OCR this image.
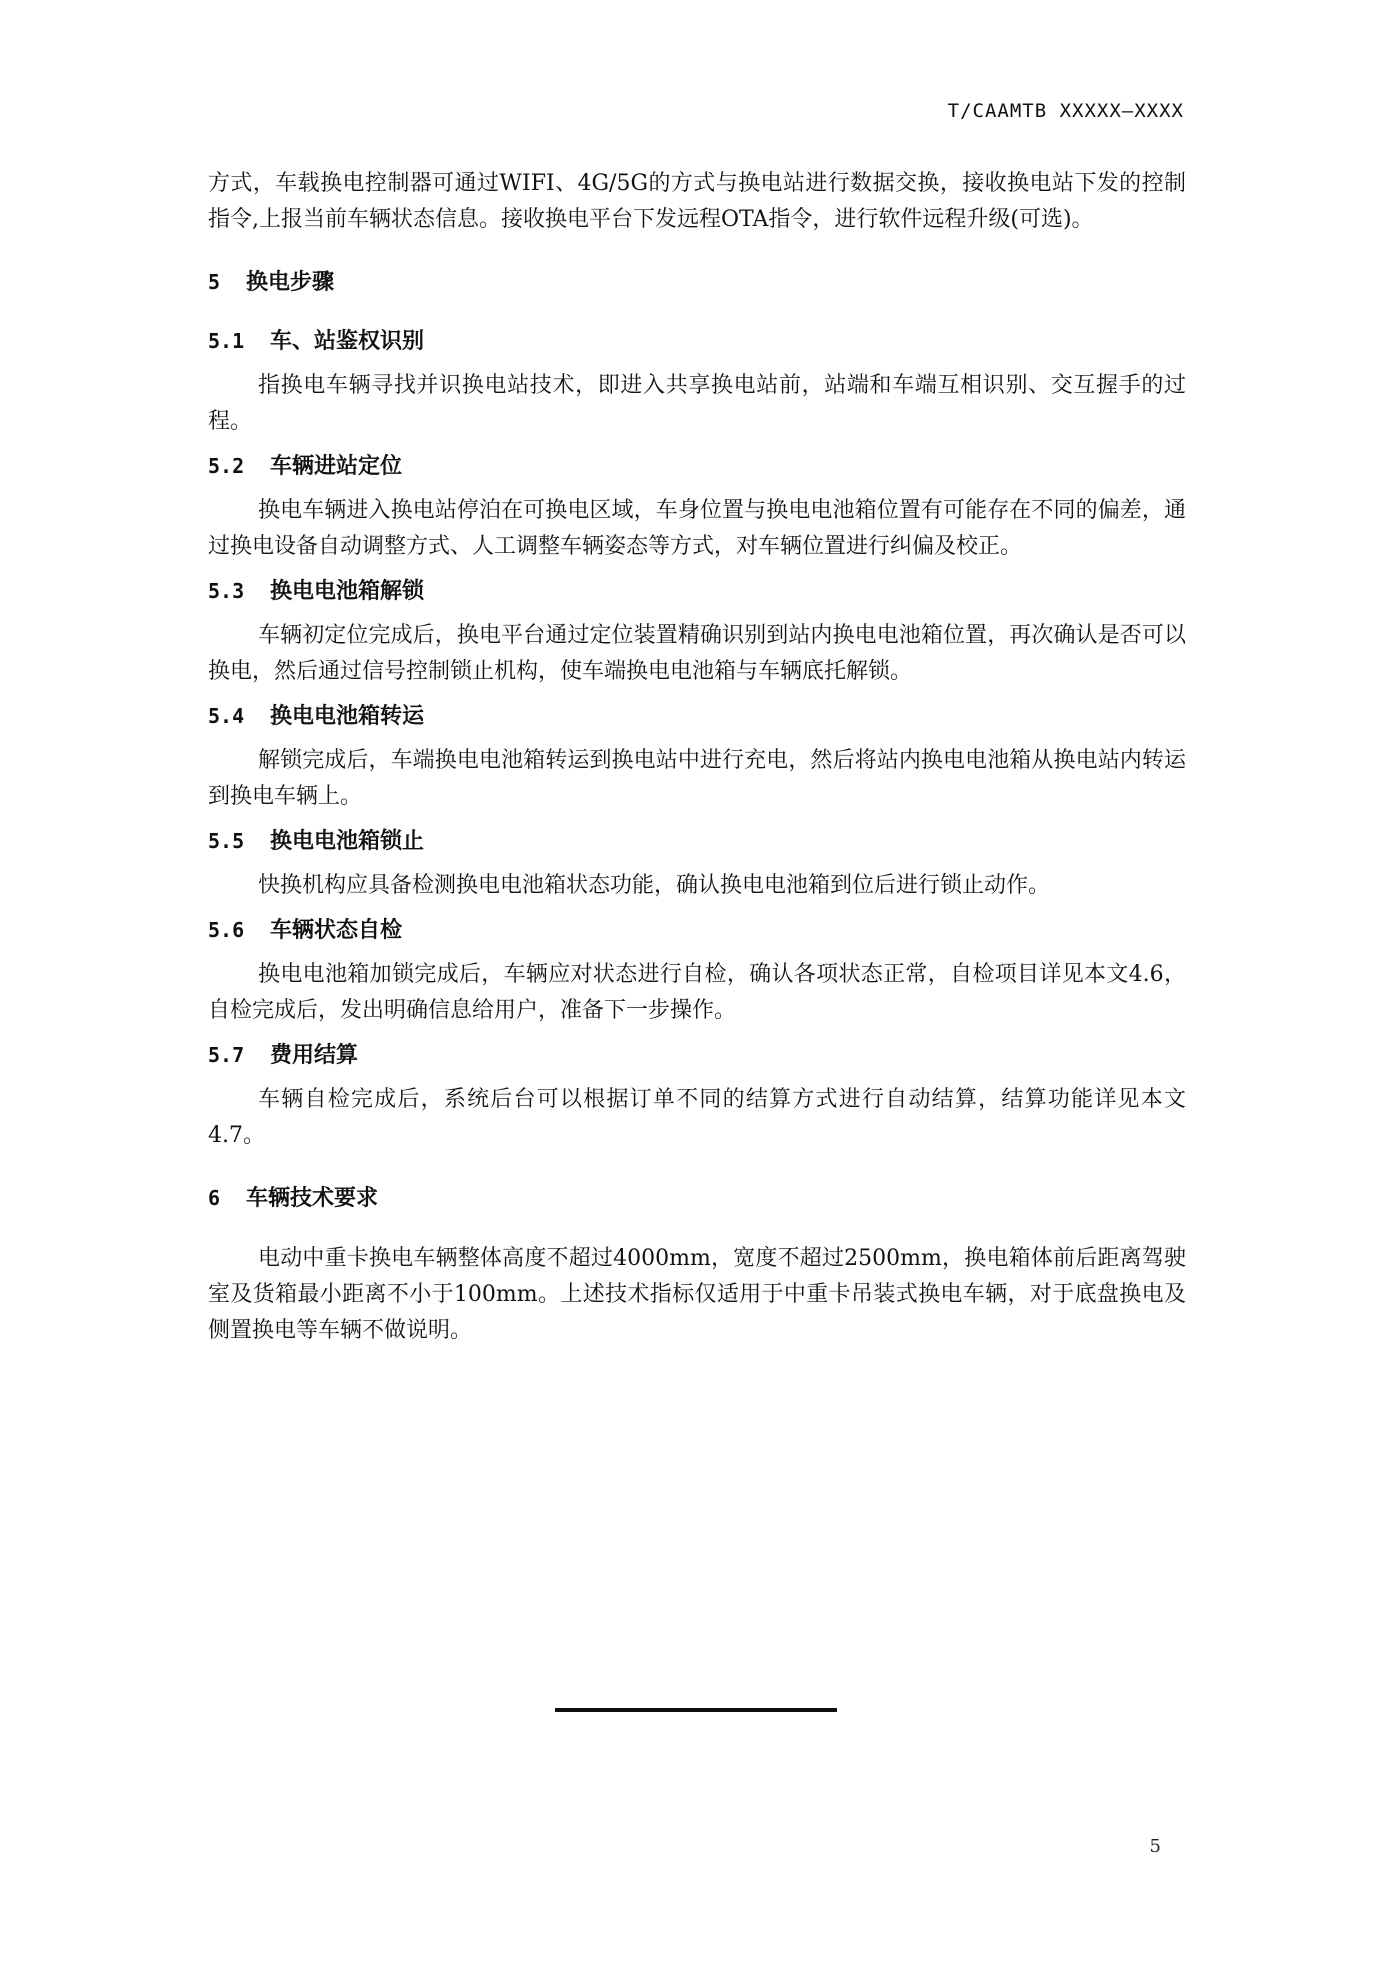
T/CAAMTB XXXXX—XXXX

方式，车载换电控制器可通过WIFI、4G/5G的方式与换电站进行数据交换，接收换电站下发的控制指令,上报当前车辆状态信息。接收换电平台下发远程OTA指令，进行软件远程升级(可选)。

5 换电步骤
5.1 车、站鉴权识别

指换电车辆寻找并识换电站技术，即进入共享换电站前，站端和车端互相识别、交互握手的过程。

5.2 车辆进站定位

换电车辆进入换电站停泊在可换电区域，车身位置与换电电池箱位置有可能存在不同的偏差，通过换电设备自动调整方式、人工调整车辆姿态等方式，对车辆位置进行纠偏及校正。

5.3 换电电池箱解锁

车辆初定位完成后，换电平台通过定位装置精确识别到站内换电电池箱位置，再次确认是否可以换电，然后通过信号控制锁止机构，使车端换电电池箱与车辆底托解锁。

5.4 换电电池箱转运

解锁完成后，车端换电电池箱转运到换电站中进行充电，然后将站内换电电池箱从换电站内转运到换电车辆上。

5.5 换电电池箱锁止

快换机构应具备检测换电电池箱状态功能，确认换电电池箱到位后进行锁止动作。

5.6 车辆状态自检

换电电池箱加锁完成后，车辆应对状态进行自检，确认各项状态正常，自检项目详见本文4.6，自检完成后，发出明确信息给用户，准备下一步操作。

5.7 费用结算

车辆自检完成后，系统后台可以根据订单不同的结算方式进行自动结算，结算功能详见本文4.7。

6 车辆技术要求

电动中重卡换电车辆整体高度不超过4000mm，宽度不超过2500mm，换电箱体前后距离驾驶室及货箱最小距离不小于100mm。上述技术指标仅适用于中重卡吊装式换电车辆，对于底盘换电及侧置换电等车辆不做说明。

5
